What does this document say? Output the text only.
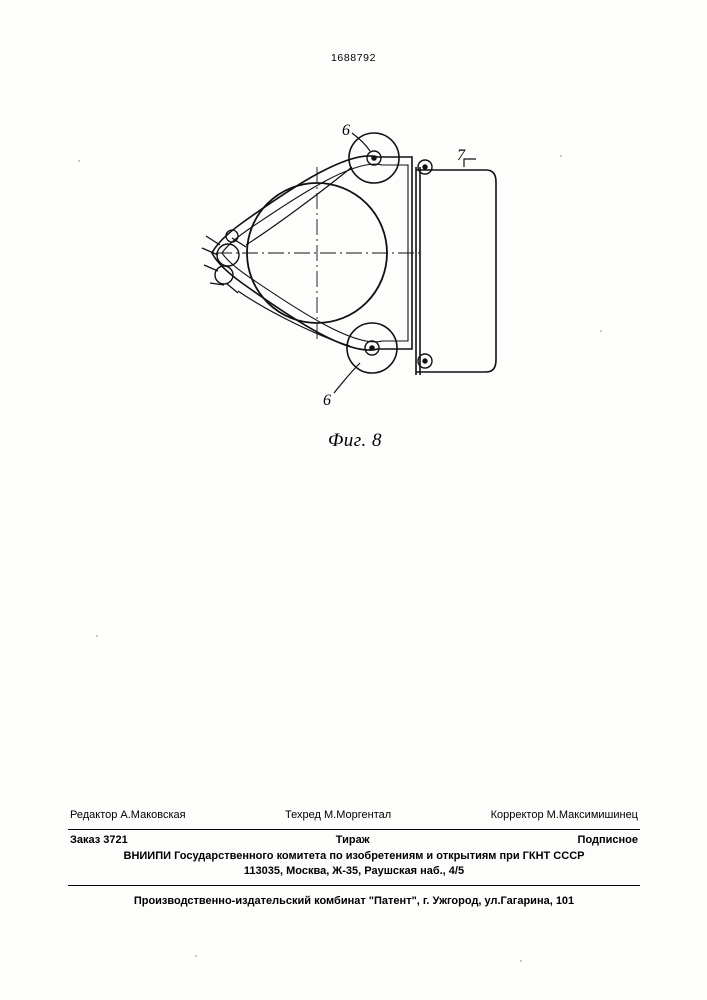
1688792
6
6
7
Фиг. 8
Редактор А.Маковская	Техред М.Моргентал	Корректор М.Максимишинец
Заказ 3721	Тираж	Подписное
ВНИИПИ Государственного комитета по изобретениям и открытиям при ГКНТ СССР
113035, Москва, Ж-35, Раушская наб., 4/5
Производственно-издательский комбинат "Патент", г. Ужгород, ул.Гагарина, 101
